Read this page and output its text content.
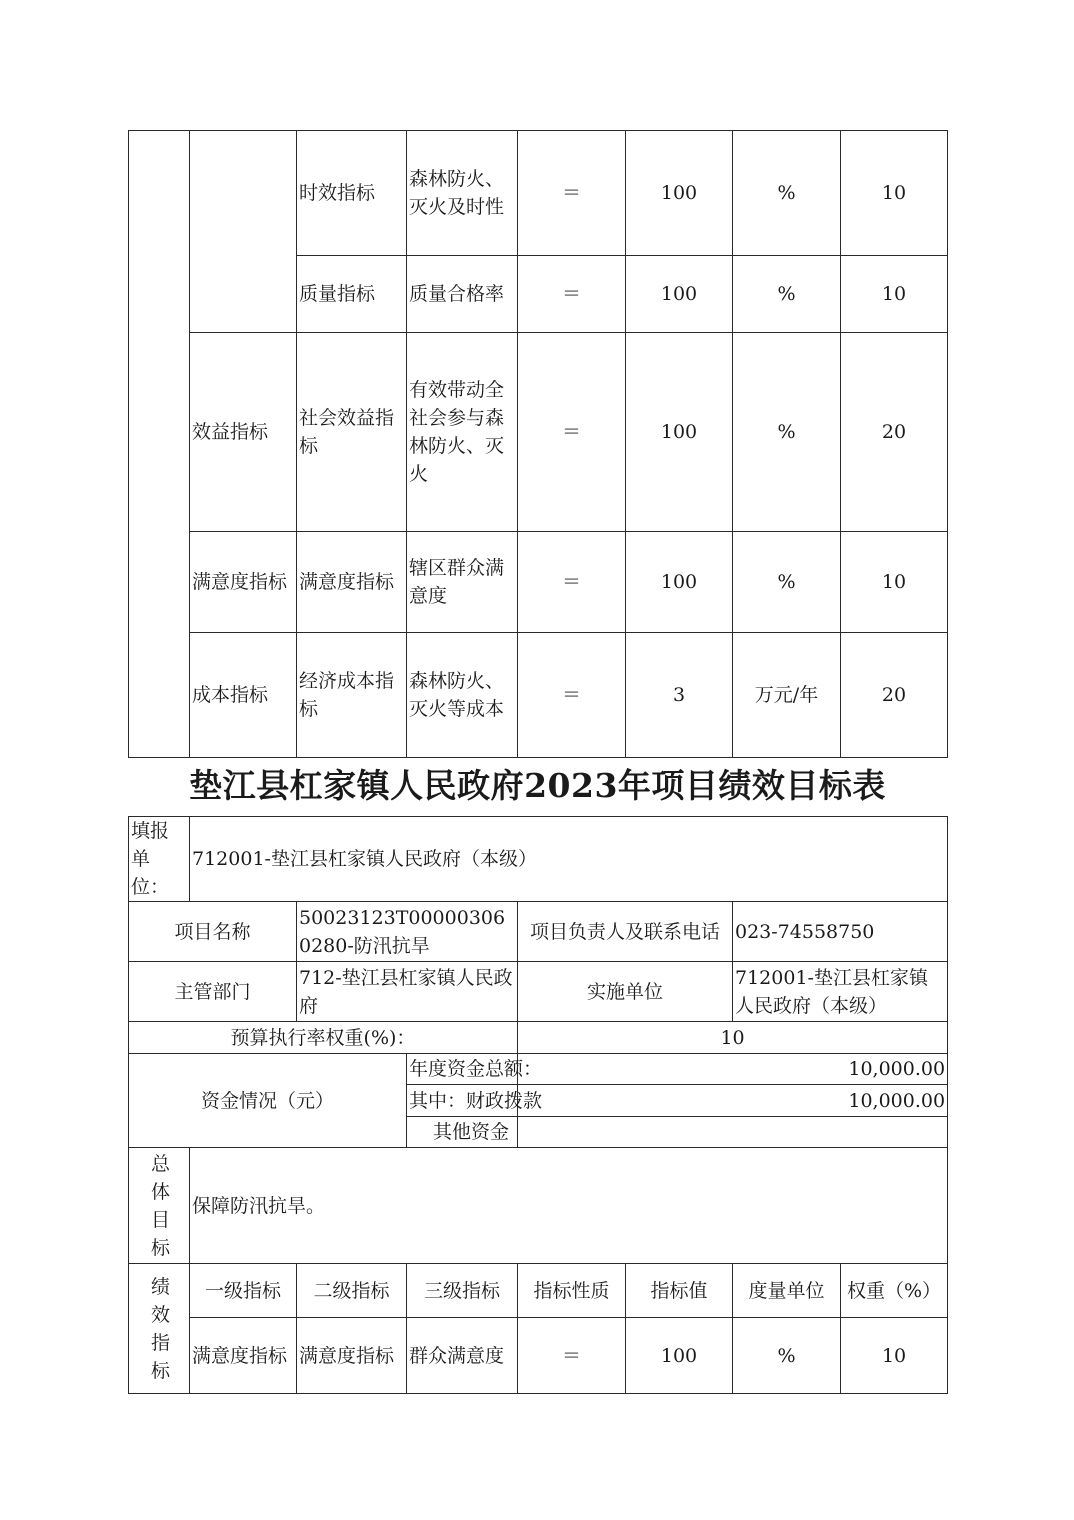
		时效指标	森林防火、灭火及时性	＝	100	%	10
		质量指标	质量合格率	＝	100	%	10
	效益指标	社会效益指标	有效带动全社会参与森林防火、灭火	＝	100	%	20
	满意度指标	满意度指标	辖区群众满意度	＝	100	%	10
	成本指标	经济成本指标	森林防火、灭火等成本	＝	3	万元/年	20
垫江县杠家镇人民政府2023年项目绩效目标表
填报单位：	712001-垫江县杠家镇人民政府（本级）						
项目名称		50023123T000003060280-防汛抗旱		项目负责人及联系电话		023-74558750	
主管部门		712-垫江县杠家镇人民政府		实施单位		712001-垫江县杠家镇人民政府（本级）	
预算执行率权重(%)：				10			
资金情况（元）			年度资金总额：	10,000.00			
			其中：财政拨款	10,000.00			
			其他资金				
总体目标	保障防汛抗旱。						
绩效指标	一级指标	二级指标	三级指标	指标性质	指标值	度量单位	权重（%）
	满意度指标	满意度指标	群众满意度	＝	100	%	10
